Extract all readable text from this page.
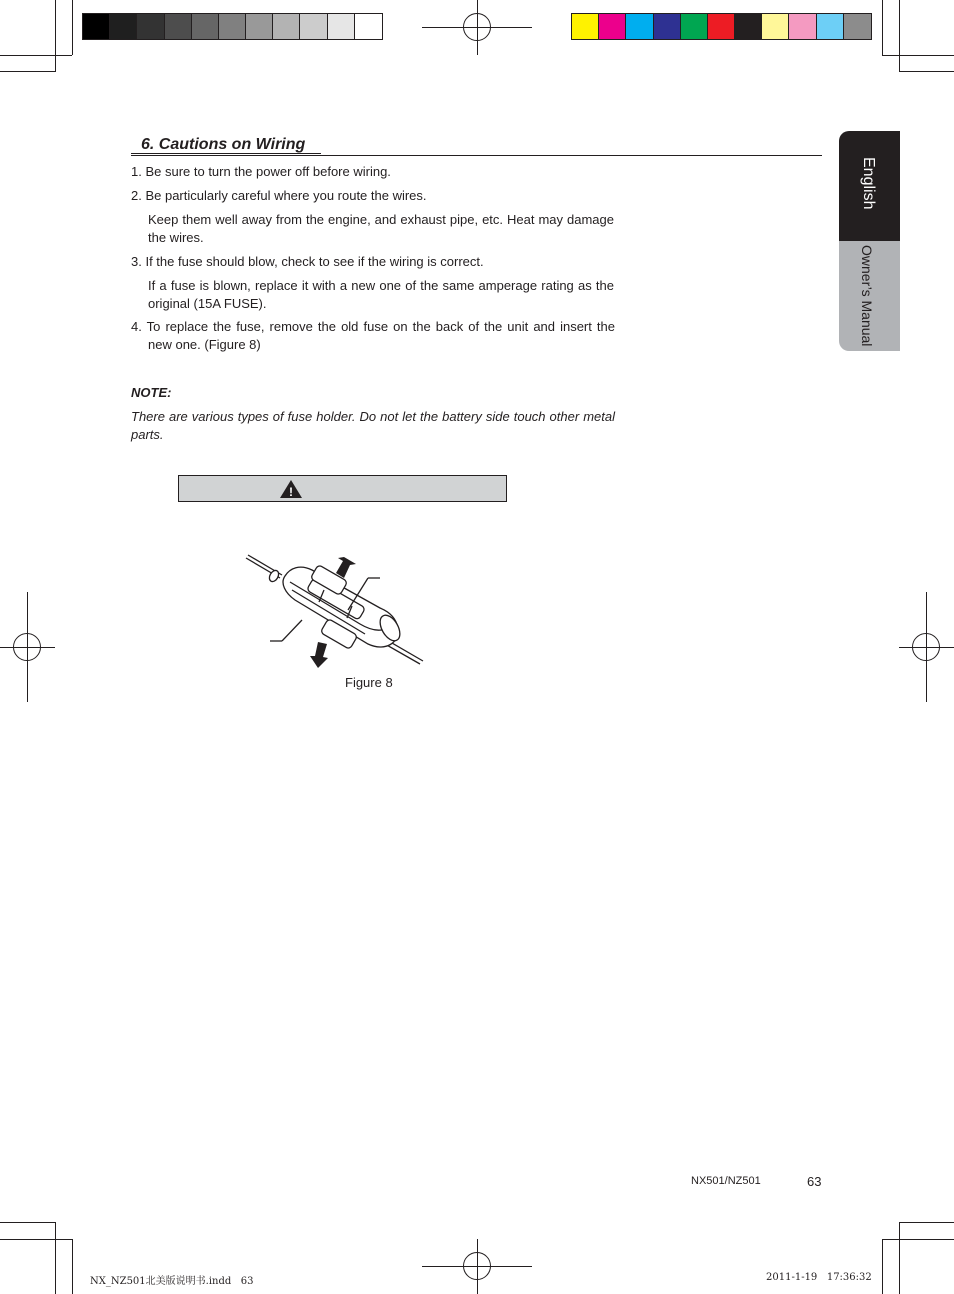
6. Cautions on Wiring
1. Be sure to turn the power off before wiring.
2. Be particularly careful where you route the wires.
Keep them well away from the engine, and exhaust pipe, etc. Heat may damage the wires.
3. If the fuse should blow, check to see if the wiring is correct.
If a fuse is blown, replace it with a new one of the same amperage rating as the original (15A FUSE).
4. To replace the fuse, remove the old fuse on the back of the unit and insert the new one. (Figure 8)
NOTE:
There are various types of fuse holder. Do not let the battery side touch other metal parts.
!
Figure 8
English
Owner’s Manual
NX501/NZ501	63
NX_NZ501北美版说明书.indd   63	2011-1-19   17:36:32
